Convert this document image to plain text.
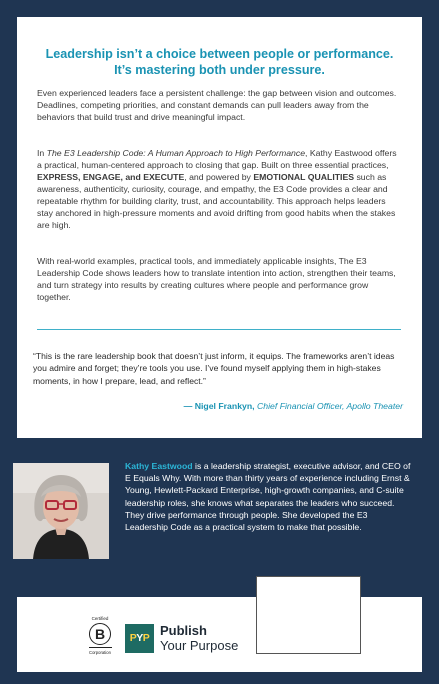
Leadership isn’t a choice between people or performance.
It’s mastering both under pressure.

Even experienced leaders face a persistent challenge: the gap between vision and outcomes. Deadlines, competing priorities, and constant demands can pull leaders away from the behaviors that build trust and drive meaningful impact.

In The E3 Leadership Code: A Human Approach to High Performance, Kathy Eastwood offers a practical, human-centered approach to closing that gap. Built on three essential practices, EXPRESS, ENGAGE, and EXECUTE, and powered by EMOTIONAL QUALITIES such as awareness, authenticity, curiosity, courage, and empathy, the E3 Code provides a clear and repeatable rhythm for building clarity, trust, and accountability. This approach helps leaders stay anchored in high-pressure moments and avoid drifting from good habits when the stakes are high.

With real-world examples, practical tools, and immediately applicable insights, The E3 Leadership Code shows leaders how to translate intention into action, strengthen their teams, and turn strategy into results by creating cultures where people and performance grow together.

“This is the rare leadership book that doesn’t just inform, it equips. The frameworks aren’t ideas you admire and forget; they’re tools you use. I’ve found myself applying them in high-stakes moments, in how I prepare, lead, and reflect.”

— Nigel Frankyn, Chief Financial Officer, Apollo Theater

Kathy Eastwood is a leadership strategist, executive advisor, and CEO of E Equals Why. With more than thirty years of experience including Ernst & Young, Hewlett-Packard Enterprise, high-growth companies, and C-suite leadership roles, she knows what separates the leaders who succeed. They drive performance through people. She developed the E3 Leadership Code as a practical system to make that possible.

Certified
B
Corporation
PYP Publish
Your Purpose
